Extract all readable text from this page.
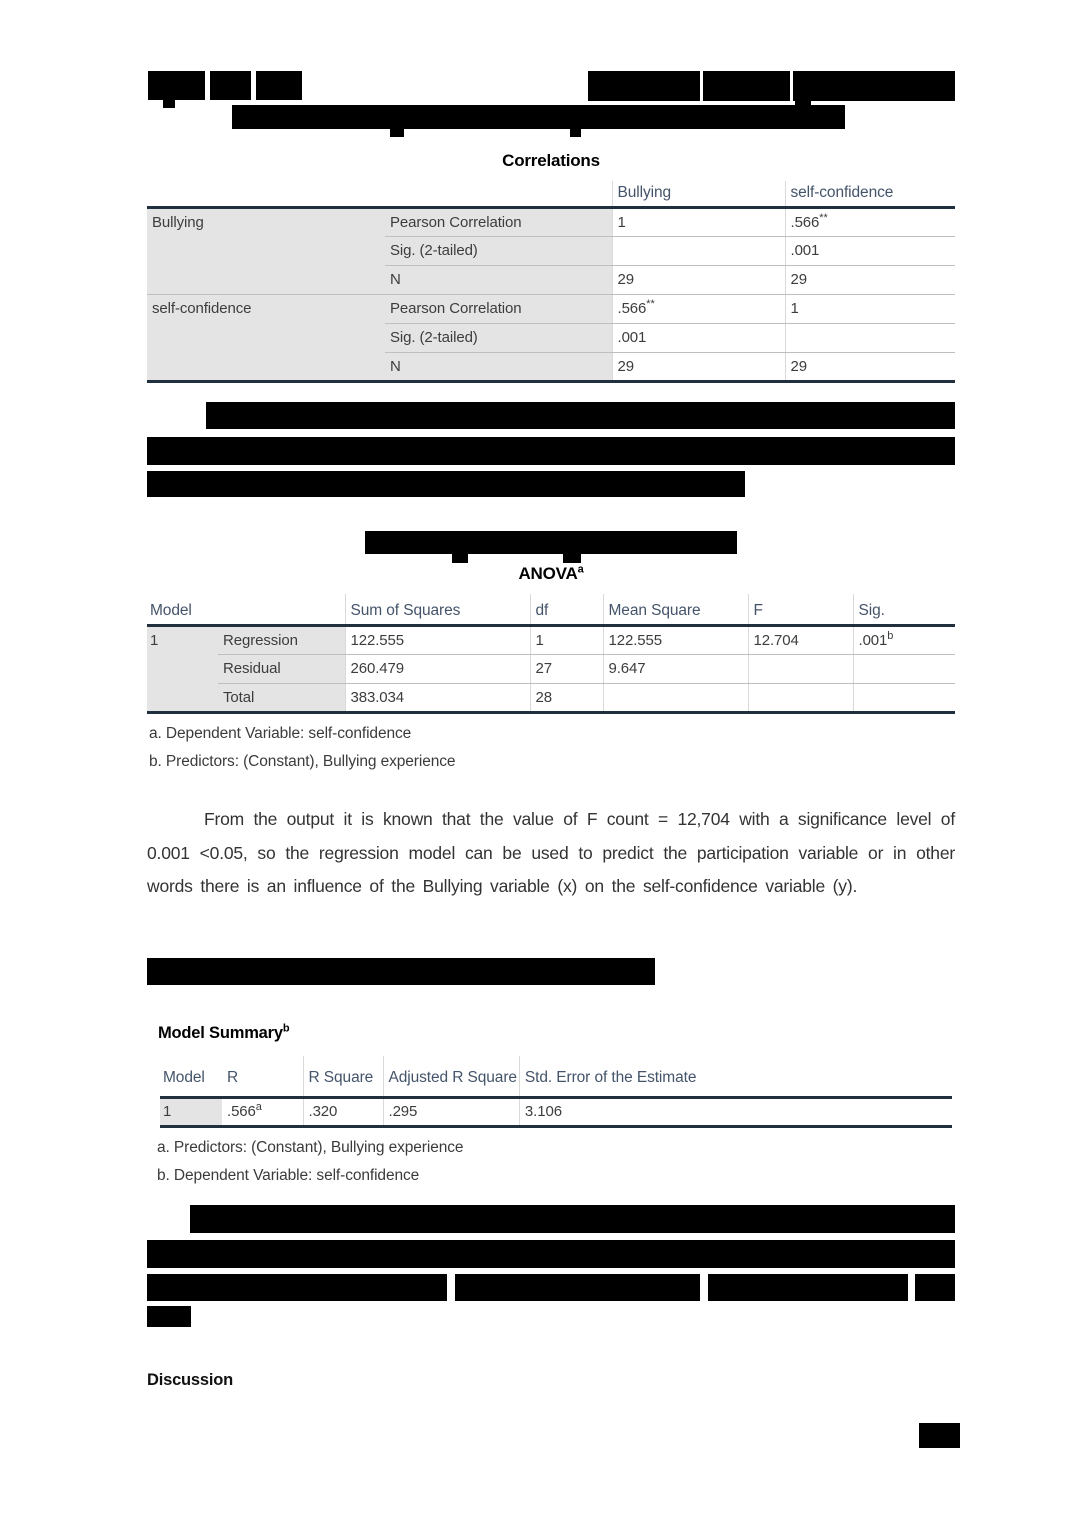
Correlations
		Bullying	self-confidence
Bullying	Pearson Correlation	1	.566**
	Sig. (2-tailed)		.001
	N	29	29
self-confidence	Pearson Correlation	.566**	1
	Sig. (2-tailed)	.001	
	N	29	29
ANOVA$^a$
Model		Sum of Squares	df	Mean Square	F	Sig.
1	Regression	122.555	1	122.555	12.704	.001$^b$
	Residual	260.479	27	9.647		
	Total	383.034	28			
a. Dependent Variable: self-confidence
b. Predictors: (Constant), Bullying experience
From the output it is known that the value of F count = 12,704 with a significance level of 0.001 <0.05, so the regression model can be used to predict the participation variable or in other words there is an influence of the Bullying variable (x) on the self-confidence variable (y).
Model Summary$^b$
Model	R	R Square	Adjusted R Square	Std. Error of the Estimate
1	.566$^a$	.320	.295	3.106
a. Predictors: (Constant), Bullying experience
b. Dependent Variable: self-confidence
Discussion
